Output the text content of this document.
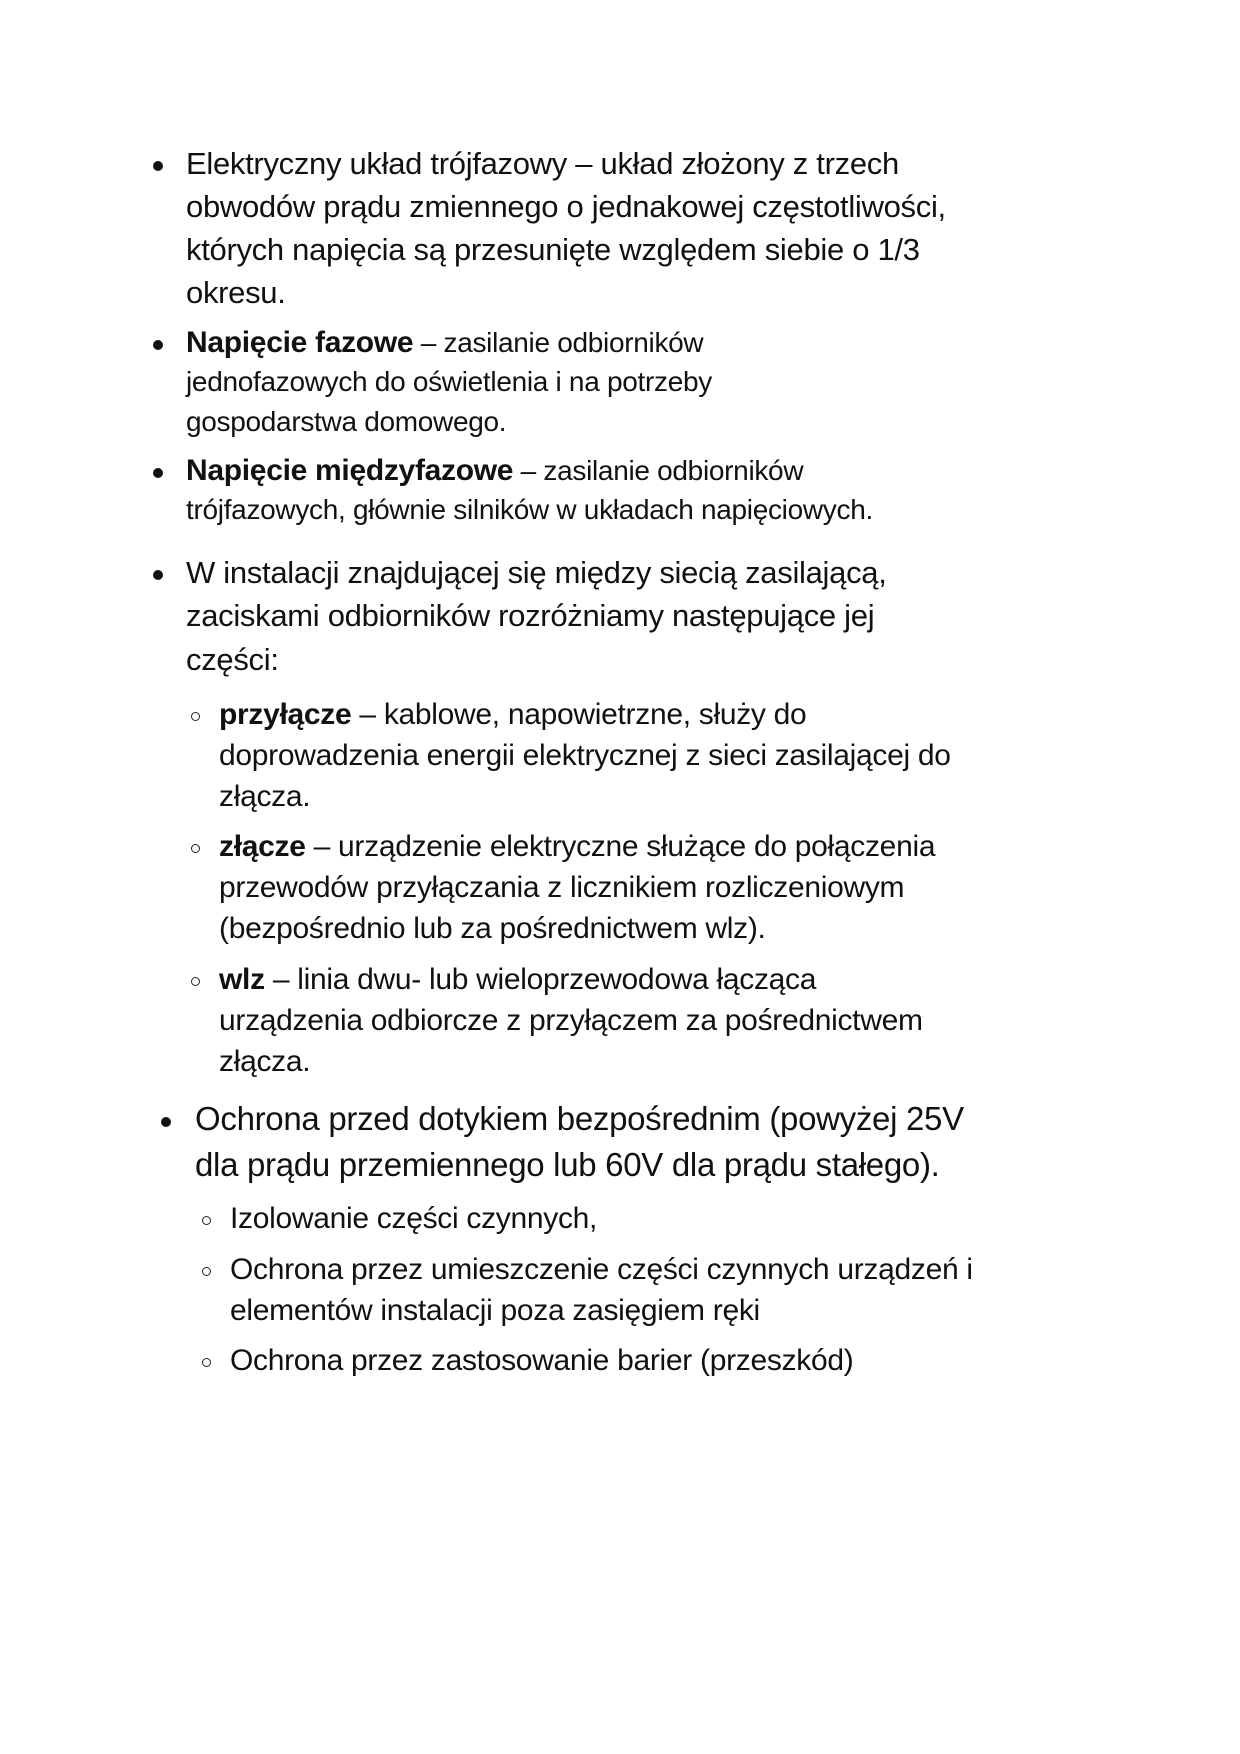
Elektryczny układ trójfazowy – układ złożony z trzech
obwodów prądu zmiennego o jednakowej częstotliwości,
których napięcia są przesunięte względem siebie o 1/3
okresu.
Napięcie fazowe – zasilanie odbiorników
jednofazowych do oświetlenia i na potrzeby
gospodarstwa domowego.
Napięcie międzyfazowe – zasilanie odbiorników
trójfazowych, głównie silników w układach napięciowych.
W instalacji znajdującej się między siecią zasilającą,
zaciskami odbiorników rozróżniamy następujące jej
części:
przyłącze – kablowe, napowietrzne, służy do
doprowadzenia energii elektrycznej z sieci zasilającej do
złącza.
złącze – urządzenie elektryczne służące do połączenia
przewodów przyłączania z licznikiem rozliczeniowym
(bezpośrednio lub za pośrednictwem wlz).
wlz – linia dwu- lub wieloprzewodowa łącząca
urządzenia odbiorcze z przyłączem za pośrednictwem
złącza.
Ochrona przed dotykiem bezpośrednim (powyżej 25V
dla prądu przemiennego lub 60V dla prądu stałego).
Izolowanie części czynnych,
Ochrona przez umieszczenie części czynnych urządzeń i
elementów instalacji poza zasięgiem ręki
Ochrona przez zastosowanie barier (przeszkód)
